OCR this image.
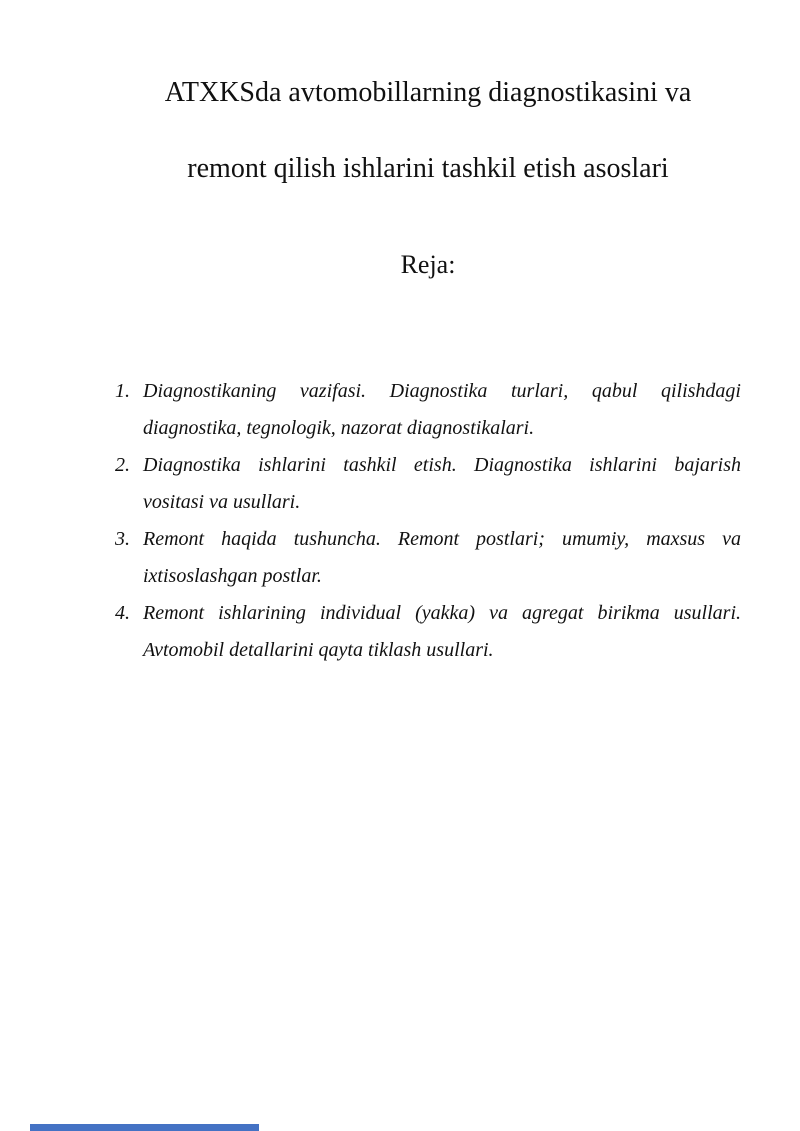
ATXKSda avtomobillarning diagnostikasini va

remont qilish ishlarini tashkil etish asoslari
Reja:
1. Diagnostikaning vazifasi. Diagnostika turlari, qabul qilishdagi
diagnostika, tegnologik, nazorat diagnostikalari.
2. Diagnostika ishlarini tashkil etish. Diagnostika ishlarini bajarish
vositasi va usullari.
3. Remont haqida tushuncha. Remont postlari; umumiy, maxsus va
ixtisoslashgan postlar.
4. Remont ishlarining individual (yakka) va agregat birikma usullari.
Avtomobil detallarini qayta tiklash usullari.
